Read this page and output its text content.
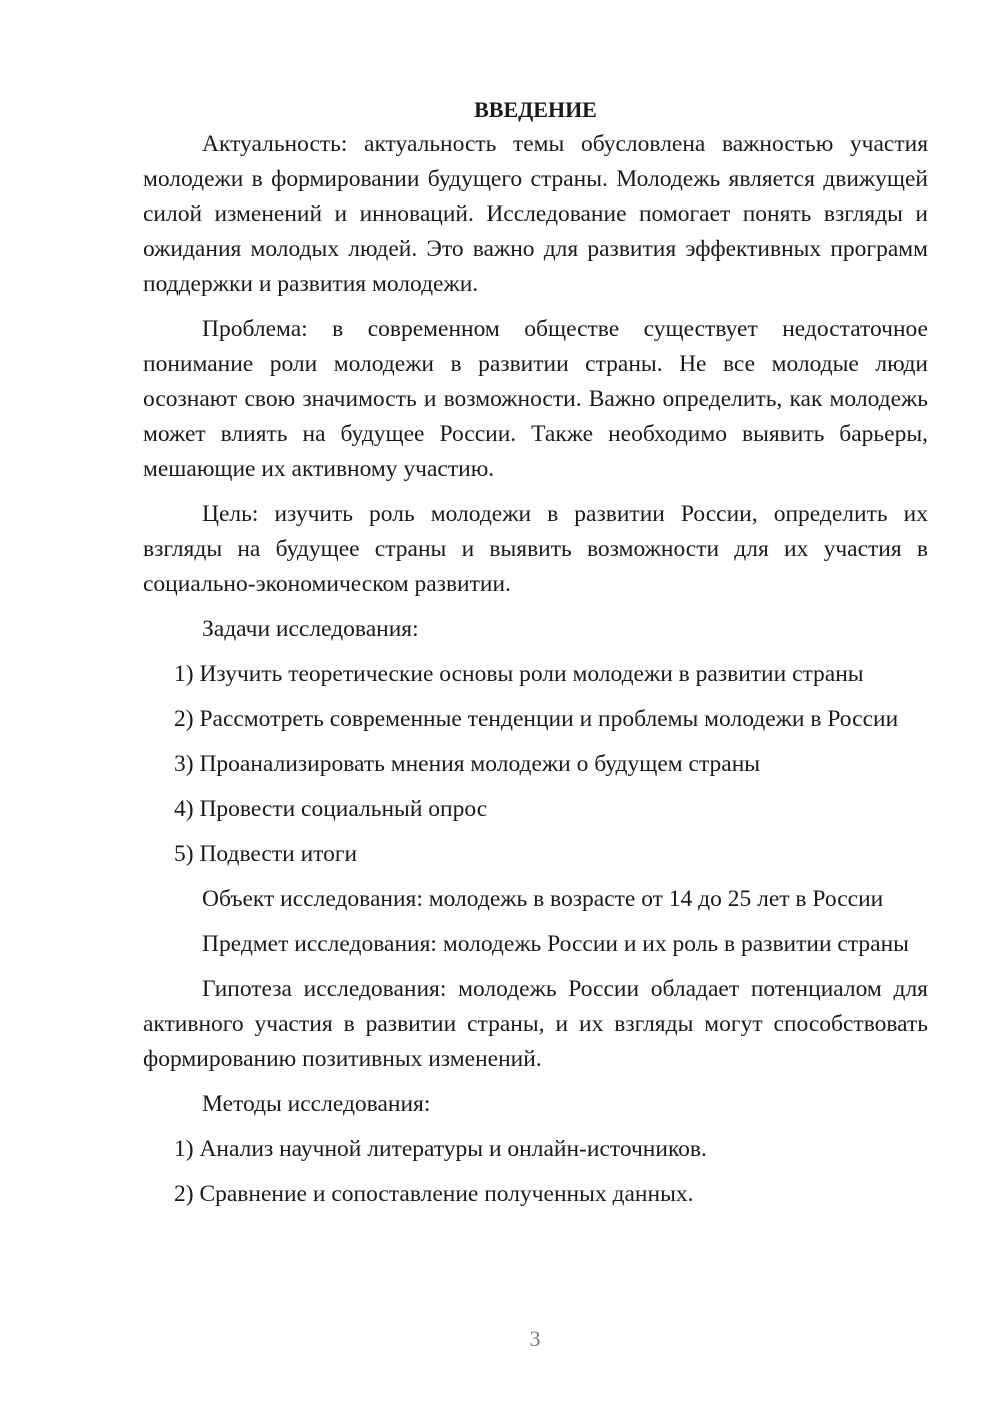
ВВЕДЕНИЕ

Актуальность: актуальность темы обусловлена важностью участия молодежи в формировании будущего страны. Молодежь является движущей силой изменений и инноваций. Исследование помогает понять взгляды и ожидания молодых людей. Это важно для развития эффективных программ поддержки и развития молодежи.

Проблема: в современном обществе существует недостаточное понимание роли молодежи в развитии страны. Не все молодые люди осознают свою значимость и возможности. Важно определить, как молодежь может влиять на будущее России. Также необходимо выявить барьеры, мешающие их активному участию.

Цель: изучить роль молодежи в развитии России, определить их взгляды на будущее страны и выявить возможности для их участия в социально-экономическом развитии.

Задачи исследования:

1) Изучить теоретические основы роли молодежи в развитии страны

2) Рассмотреть современные тенденции и проблемы молодежи в России

3) Проанализировать мнения молодежи о будущем страны

4) Провести социальный опрос

5) Подвести итоги

Объект исследования: молодежь в возрасте от 14 до 25 лет в России

Предмет исследования: молодежь России и их роль в развитии страны

Гипотеза исследования: молодежь России обладает потенциалом для активного участия в развитии страны, и их взгляды могут способствовать формированию позитивных изменений.

Методы исследования:

1) Анализ научной литературы и онлайн-источников.

2) Сравнение и сопоставление полученных данных.

3
